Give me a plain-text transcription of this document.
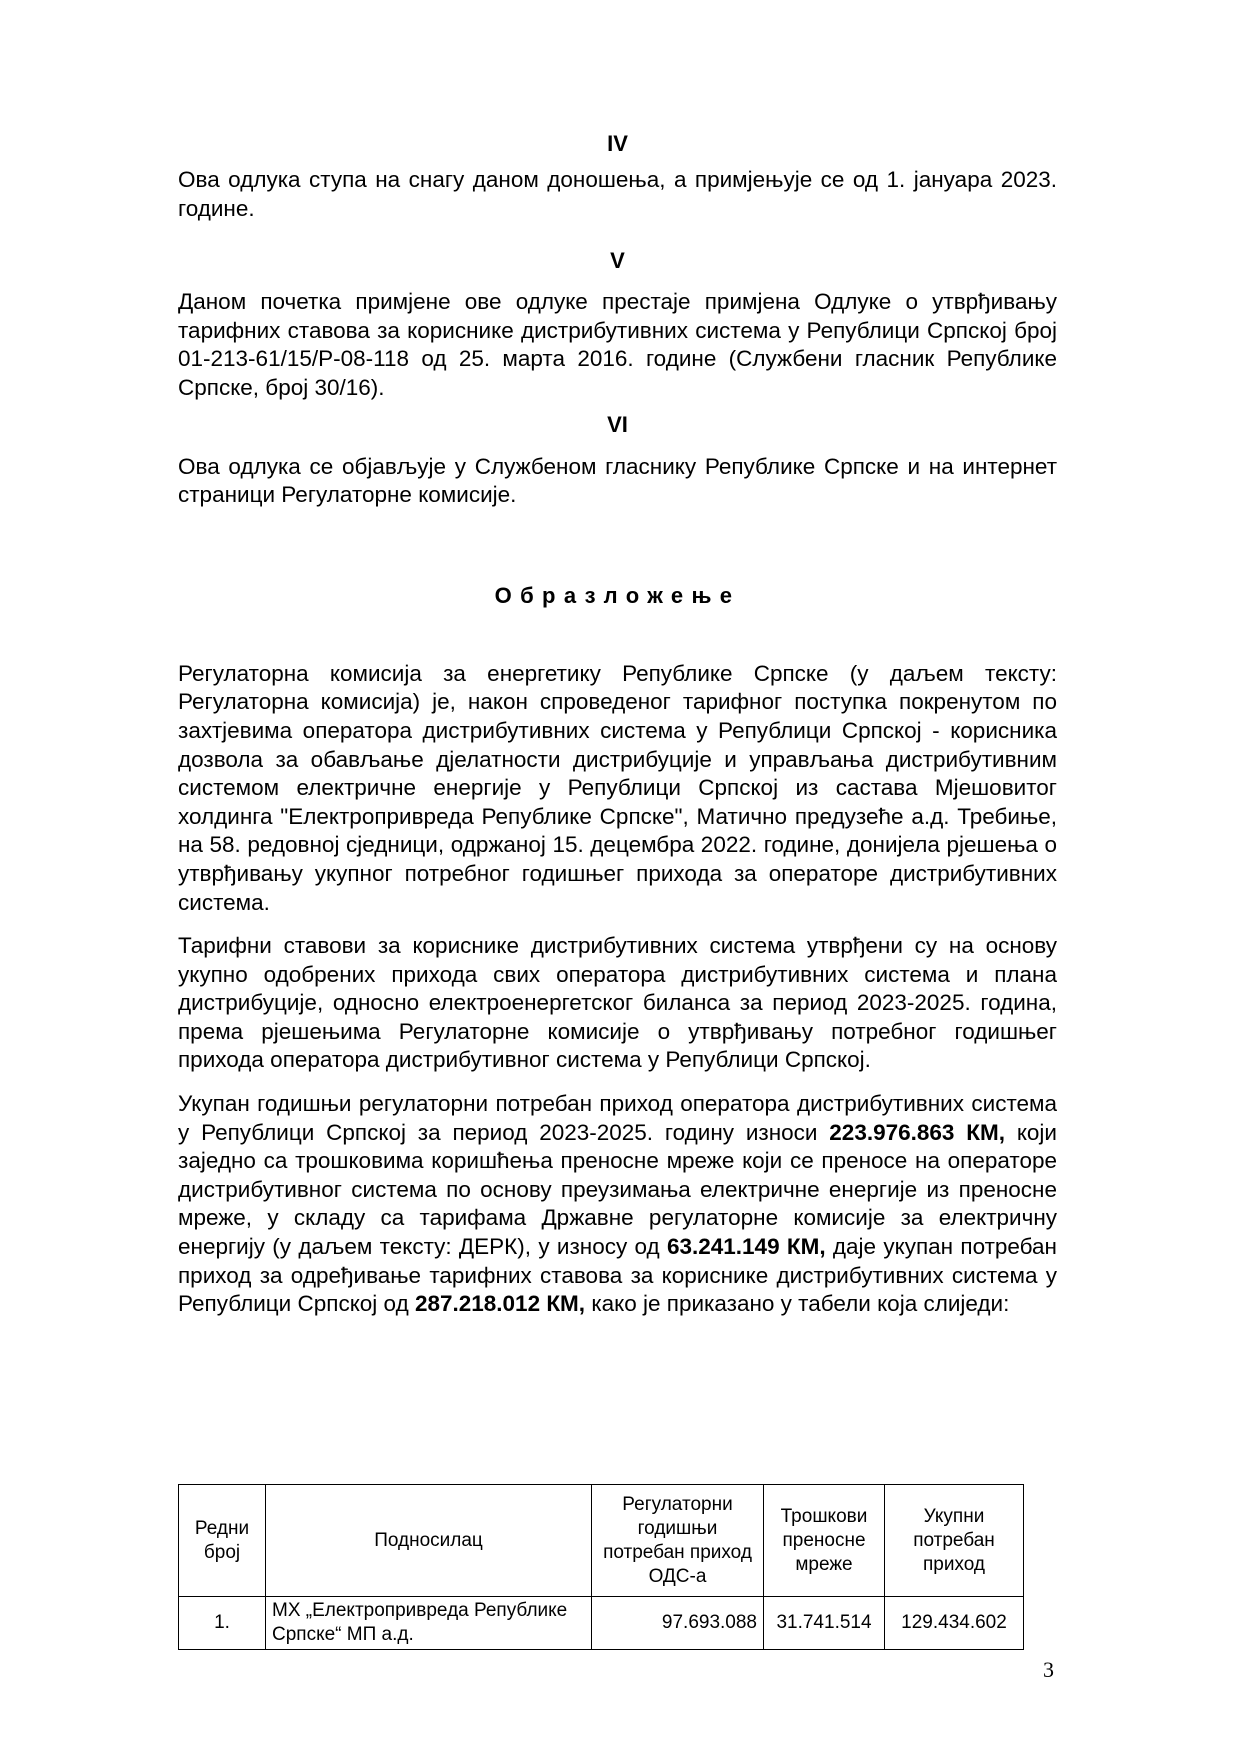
IV

Ова одлука ступа на снагу даном доношења, а примјењује се од 1. јануара 2023. године.

V

Даном почетка примјене ове одлуке престаје примјена Одлуке о утврђивању тарифних ставова за кориснике дистрибутивних система у Републици Српској број 01-213-61/15/Р-08-118 од 25. марта 2016. године (Службени гласник Републике Српске, број 30/16).

VI

Ова одлука се објављује у Службеном гласнику Републике Српске и на интернет страници Регулаторне комисије.

Образложење

Регулаторна комисија за енергетику Републике Српске (у даљем тексту: Регулаторна комисија) је, након спроведеног тарифног поступка покренутом по захтјевима оператора дистрибутивних система у Републици Српској - корисника дозвола за обављање дјелатности дистрибуције и управљања дистрибутивним системом електричне енергије у Републици Српској из састава Мјешовитог холдинга "Електропривреда Републике Српске", Матично предузеће а.д. Требиње, на 58. редовној сједници, одржаној 15. децембра 2022. године, донијела рјешења о утврђивању укупног потребног годишњег прихода за операторе дистрибутивних система.

Тарифни ставови за кориснике дистрибутивних система утврђени су на основу укупно одобрених прихода свих оператора дистрибутивних система и плана дистрибуције, односно електроенергетског биланса за период 2023-2025. година, према рјешењима Регулаторне комисије о утврђивању потребног годишњег прихода оператора дистрибутивног система у Републици Српској.

Укупан годишњи регулаторни потребан приход оператора дистрибутивних система у Републици Српској за период 2023-2025. годину износи 223.976.863 КМ, који заједно са трошковима коришћења преносне мреже који се преносе на операторе дистрибутивног система по основу преузимања електричне енергије из преносне мреже, у складу са тарифама Државне регулаторне комисије за електричну енергију (у даљем тексту: ДЕРК), у износу од 63.241.149 КМ, даје укупан потребан приход за одређивање тарифних ставова за кориснике дистрибутивних система у Републици Српској од 287.218.012 КМ, како је приказано у табели која слиједи:

Редни број	Подносилац	Регулаторни годишњи потребан приход ОДС-а	Трошкови преносне мреже	Укупни потребан приход
1.	МХ „Електропривреда Републике Српске“ МП а.д.	97.693.088	31.741.514	129.434.602
3
